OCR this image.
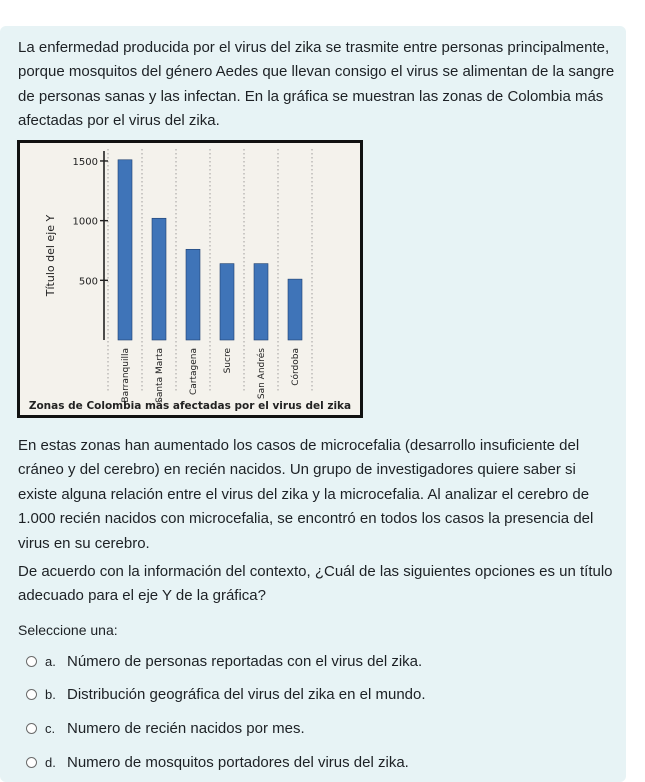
La enfermedad producida por el virus del zika se trasmite entre personas principalmente, porque mosquitos del género Aedes que llevan consigo el virus se alimentan de la sangre de personas sanas y las infectan. En la gráfica se muestran las zonas de Colombia más afectadas por el virus del zika.

500
1000
1500
Título del eje Y
Barranquilla	Santa Marta	Cartagena	Sucre	San Andrés	Córdoba
Zonas de Colombia más afectadas por el virus del zika

En estas zonas han aumentado los casos de microcefalia (desarrollo insuficiente del cráneo y del cerebro) en recién nacidos. Un grupo de investigadores quiere saber si existe alguna relación entre el virus del zika y la microcefalia. Al analizar el cerebro de 1.000 recién nacidos con microcefalia, se encontró en todos los casos la presencia del virus en su cerebro.

De acuerdo con la información del contexto, ¿Cuál de las siguientes opciones es un título adecuado para el eje Y de la gráfica?

Seleccione una:
a. Número de personas reportadas con el virus del zika.
b. Distribución geográfica del virus del zika en el mundo.
c. Numero de recién nacidos por mes.
d. Numero de mosquitos portadores del virus del zika.
